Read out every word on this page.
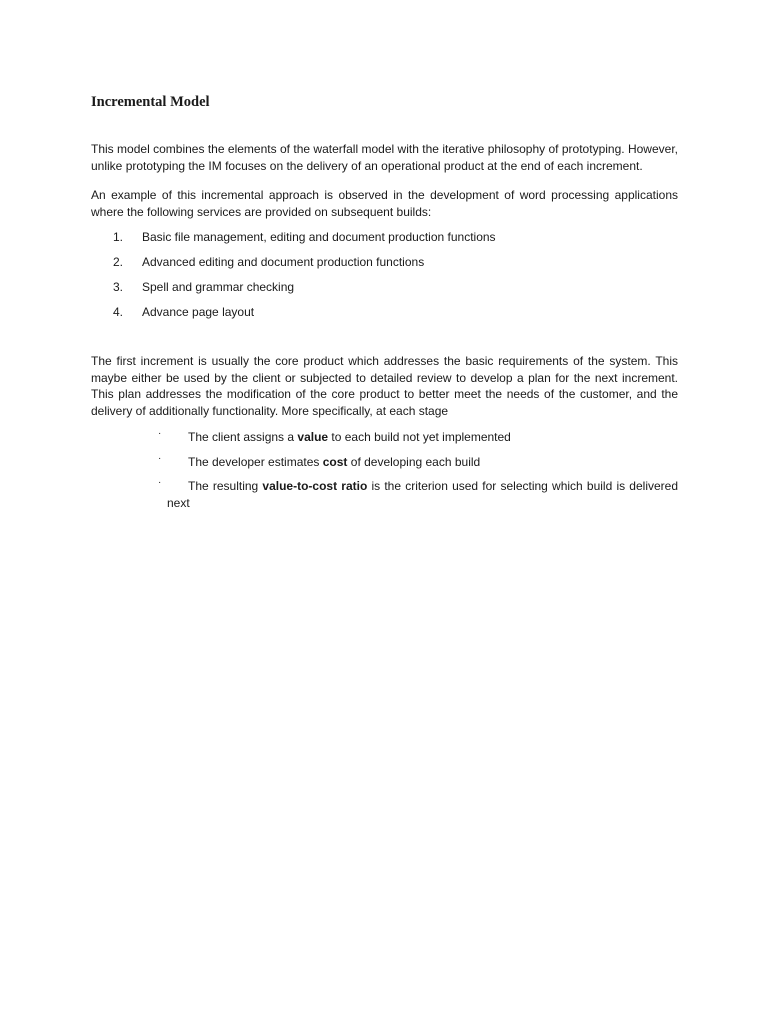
Incremental Model

This model combines the elements of the waterfall model with the iterative philosophy of prototyping. However, unlike prototyping the IM focuses on the delivery of an operational product at the end of each increment.

An example of this incremental approach is observed in the development of word processing applications where the following services are provided on subsequent builds:

1. Basic file management, editing and document production functions
2. Advanced editing and document production functions
3. Spell and grammar checking
4. Advance page layout

The first increment is usually the core product which addresses the basic requirements of the system. This maybe either be used by the client or subjected to detailed review to develop a plan for the next increment. This plan addresses the modification of the core product to better meet the needs of the customer, and the delivery of additionally functionality. More specifically, at each stage

·	The client assigns a value to each build not yet implemented
·	The developer estimates cost of developing each build
·	The resulting value-to-cost ratio is the criterion used for selecting which build is delivered next
